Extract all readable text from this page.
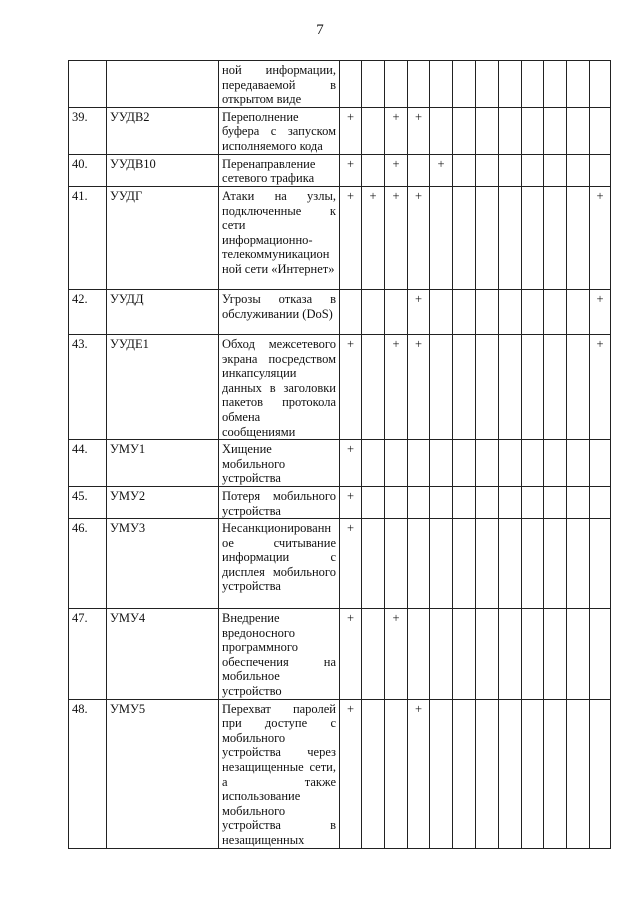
7
		ной информации, передаваемой в открытом виде												
39.	УУДВ2	Переполнение буфера с запуском исполняемого кода	+		+	+								
40.	УУДВ10	Перенаправление сетевого трафика	+		+		+							
41.	УУДГ	Атаки на узлы, подключенные к сети информационно-телекоммуникационной сети «Интернет»	+	+	+	+								+
42.	УУДД	Угрозы отказа в обслуживании (DoS)				+								+
43.	УУДЕ1	Обход межсетевого экрана посредством инкапсуляции данных в заголовки пакетов протокола обмена сообщениями	+		+	+								+
44.	УМУ1	Хищение мобильного устройства	+											
45.	УМУ2	Потеря мобильного устройства	+											
46.	УМУ3	Несанкционированное считывание информации с дисплея мобильного устройства	+											
47.	УМУ4	Внедрение вредоносного программного обеспечения на мобильное устройство	+		+									
48.	УМУ5	Перехват паролей при доступе с мобильного устройства через незащищенные сети, а также использование мобильного устройства в незащищенных	+			+								
